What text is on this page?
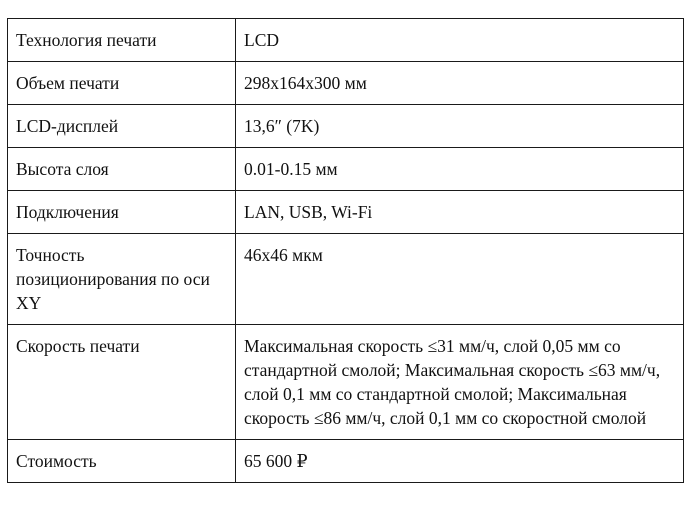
Технология печати	LCD
Объем печати	298x164x300 мм
LCD-дисплей	13,6″ (7K)
Высота слоя	0.01-0.15 мм
Подключения	LAN, USB, Wi-Fi
Точность позиционирования по оси XY	46x46 мкм
Скорость печати	Максимальная скорость ≤31 мм/ч, слой 0,05 мм со стандартной смолой; Максимальная скорость ≤63 мм/ч, слой 0,1 мм со стандартной смолой; Максимальная скорость ≤86 мм/ч, слой 0,1 мм со скоростной смолой
Стоимость	65 600 ₽
